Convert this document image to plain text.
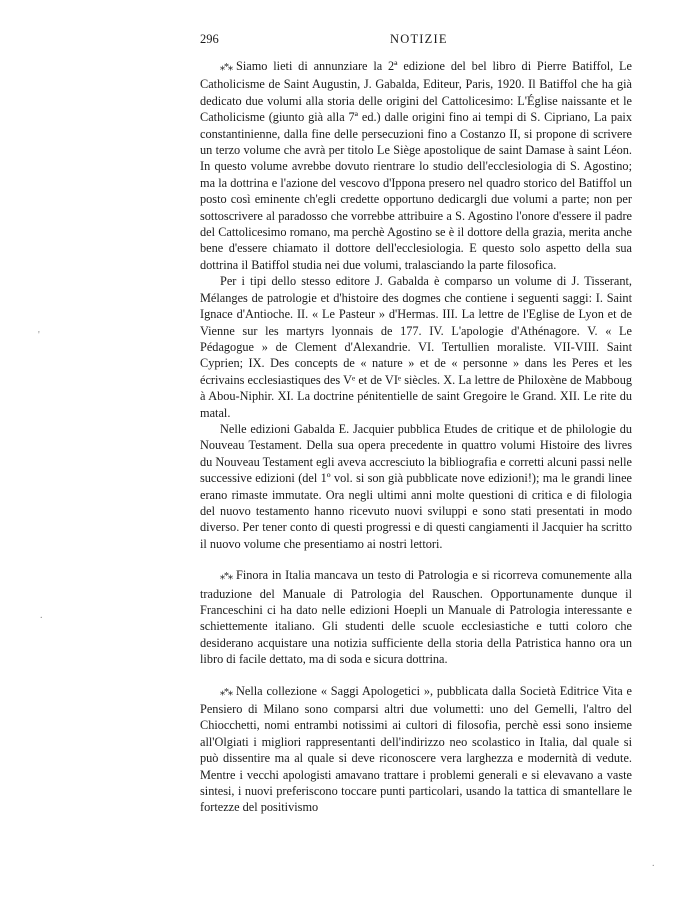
296	NOTIZIE

⁎*⁎ Siamo lieti di annunziare la 2ª edizione del bel libro di Pierre Batiffol, Le Catholicisme de Saint Augustin, J. Gabalda, Editeur, Paris, 1920. Il Batiffol che ha già dedicato due volumi alla storia delle origini del Cattolicesimo: L'Église naissante et le Catholicisme (giunto già alla 7ª ed.) dalle origini fino ai tempi di S. Cipriano, La paix constantinienne, dalla fine delle persecuzioni fino a Costanzo II, si propone di scrivere un terzo volume che avrà per titolo Le Siège apostolique de saint Damase à saint Léon. In questo volume avrebbe dovuto rientrare lo studio dell'ecclesiologia di S. Agostino; ma la dottrina e l'azione del vescovo d'Ippona presero nel quadro storico del Batiffol un posto così eminente ch'egli credette opportuno dedicargli due volumi a parte; non per sottoscrivere al paradosso che vorrebbe attribuire a S. Agostino l'onore d'essere il padre del Cattolicesimo romano, ma perchè Agostino se è il dottore della grazia, merita anche bene d'essere chiamato il dottore dell'ecclesiologia. E questo solo aspetto della sua dottrina il Batiffol studia nei due volumi, tralasciando la parte filosofica.

Per i tipi dello stesso editore J. Gabalda è comparso un volume di J. Tisserant, Mélanges de patrologie et d'histoire des dogmes che contiene i seguenti saggi: I. Saint Ignace d'Antioche. II. « Le Pasteur » d'Hermas. III. La lettre de l'Eglise de Lyon et de Vienne sur les martyrs lyonnais de 177. IV. L'apologie d'Athénagore. V. « Le Pédagogue » de Clement d'Alexandrie. VI. Tertullien moraliste. VII-VIII. Saint Cyprien; IX. Des concepts de « nature » et de « personne » dans les Peres et les écrivains ecclesiastiques des Vᵉ et de VIᵉ siècles. X. La lettre de Philoxène de Mabboug à Abou-Niphir. XI. La doctrine pénitentielle de saint Gregoire le Grand. XII. Le rite du matal.

Nelle edizioni Gabalda E. Jacquier pubblica Etudes de critique et de philologie du Nouveau Testament. Della sua opera precedente in quattro volumi Histoire des livres du Nouveau Testament egli aveva accresciuto la bibliografia e corretti alcuni passi nelle successive edizioni (del 1º vol. si son già pubblicate nove edizioni!); ma le grandi linee erano rimaste immutate. Ora negli ultimi anni molte questioni di critica e di filologia del nuovo testamento hanno ricevuto nuovi sviluppi e sono stati presentati in modo diverso. Per tener conto di questi progressi e di questi cangiamenti il Jacquier ha scritto il nuovo volume che presentiamo ai nostri lettori.

⁎*⁎ Finora in Italia mancava un testo di Patrologia e si ricorreva comunemente alla traduzione del Manuale di Patrologia del Rauschen. Opportunamente dunque il Franceschini ci ha dato nelle edizioni Hoepli un Manuale di Patrologia interessante e schiettemente italiano. Gli studenti delle scuole ecclesiastiche e tutti coloro che desiderano acquistare una notizia sufficiente della storia della Patristica hanno ora un libro di facile dettato, ma di soda e sicura dottrina.

⁎*⁎ Nella collezione « Saggi Apologetici », pubblicata dalla Società Editrice Vita e Pensiero di Milano sono comparsi altri due volumetti: uno del Gemelli, l'altro del Chiocchetti, nomi entrambi notissimi ai cultori di filosofia, perchè essi sono insieme all'Olgiati i migliori rappresentanti dell'indirizzo neo scolastico in Italia, dal quale si può dissentire ma al quale si deve riconoscere vera larghezza e modernità di vedute. Mentre i vecchi apologisti amavano trattare i problemi generali e si elevavano a vaste sintesi, i nuovi preferiscono toccare punti particolari, usando la tattica di smantellare le fortezze del positivismo

'
.
.
